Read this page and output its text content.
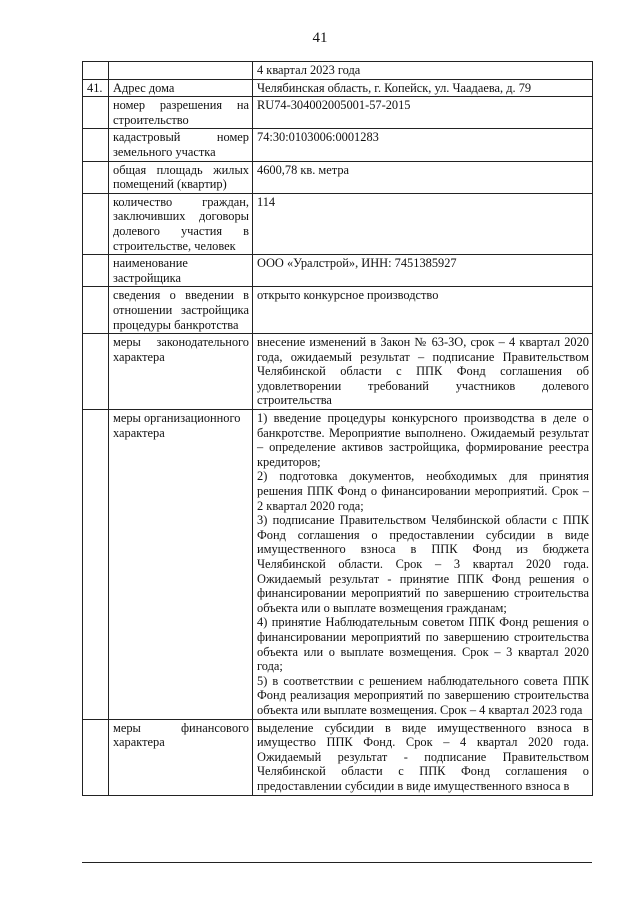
41
		4 квартал 2023 года
41.	Адрес дома	Челябинская область, г. Копейск, ул. Чаадаева, д. 79
	номер разрешения на строительство	RU74-304002005001-57-2015
	кадастровый номер земельного участка	74:30:0103006:0001283
	общая площадь жилых помещений (квартир)	4600,78 кв. метра
	количество граждан, заключивших договоры долевого участия в строительстве, человек	114
	наименование застройщика	ООО «Уралстрой», ИНН: 7451385927
	сведения о введении в отношении застройщика процедуры банкротства	открыто конкурсное производство
	меры законодательного характера	внесение изменений в Закон № 63-ЗО, срок – 4 квартал 2020 года, ожидаемый результат – подписание Правительством Челябинской области с ППК Фонд соглашения об удовлетворении требований участников долевого строительства
	меры организационного характера	1) введение процедуры конкурсного производства в деле о банкротстве. Мероприятие выполнено. Ожидаемый результат – определение активов застройщика, формирование реестра кредиторов;
2) подготовка документов, необходимых для принятия решения ППК Фонд о финансировании мероприятий. Срок – 2 квартал 2020 года;
3) подписание Правительством Челябинской области с ППК Фонд соглашения о предоставлении субсидии в виде имущественного взноса в ППК Фонд из бюджета Челябинской области. Срок – 3 квартал 2020 года. Ожидаемый результат - принятие ППК Фонд решения о финансировании мероприятий по завершению строительства объекта или о выплате возмещения гражданам;
4) принятие Наблюдательным советом ППК Фонд решения о финансировании мероприятий по завершению строительства объекта или о выплате возмещения. Срок – 3 квартал 2020 года;
5) в соответствии с решением наблюдательного совета ППК Фонд реализация мероприятий по завершению строительства объекта или выплате возмещения. Срок – 4 квартал 2023 года

	меры финансового характера	выделение субсидии в виде имущественного взноса в имущество ППК Фонд. Срок – 4 квартал 2020 года. Ожидаемый результат - подписание Правительством Челябинской области с ППК Фонд соглашения о предоставлении субсидии в виде имущественного взноса в
